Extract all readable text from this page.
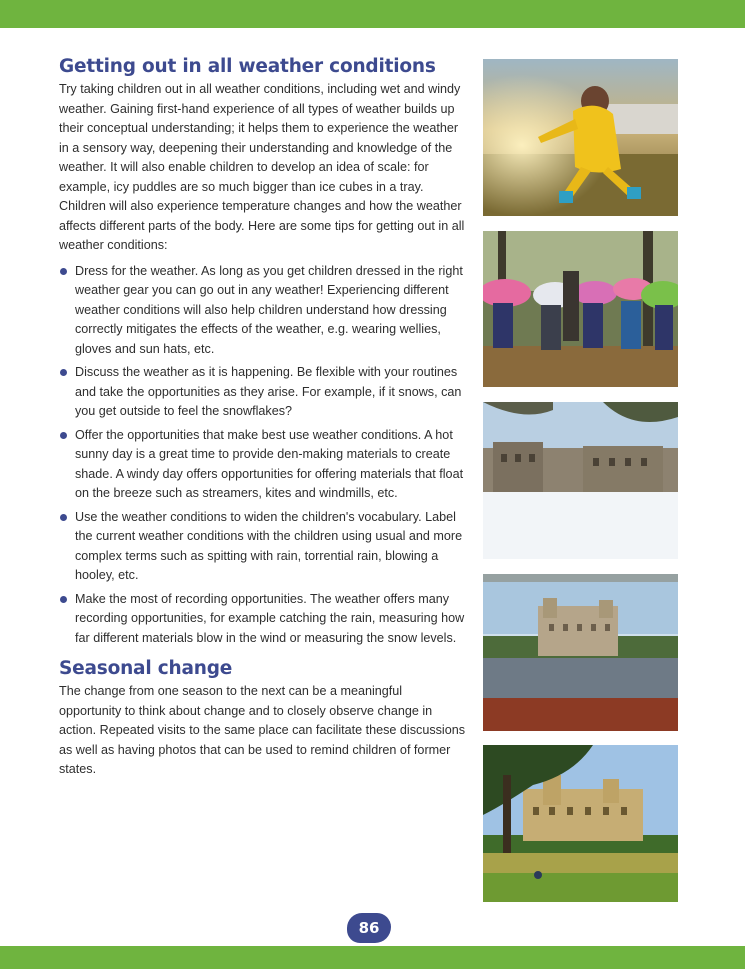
Getting out in all weather conditions

Try taking children out in all weather conditions, including wet and windy weather. Gaining first-hand experience of all types of weather builds up their conceptual understanding; it helps them to experience the weather in a sensory way, deepening their understanding and knowledge of the weather. It will also enable children to develop an idea of scale: for example, icy puddles are so much bigger than ice cubes in a tray. Children will also experience temperature changes and how the weather affects different parts of the body. Here are some tips for getting out in all weather conditions:

Dress for the weather. As long as you get children dressed in the right weather gear you can go out in any weather! Experiencing different weather conditions will also help children understand how dressing correctly mitigates the effects of the weather, e.g. wearing wellies, gloves and sun hats, etc.
Discuss the weather as it is happening. Be flexible with your routines and take the opportunities as they arise. For example, if it snows, can you get outside to feel the snowflakes?
Offer the opportunities that make best use weather conditions. A hot sunny day is a great time to provide den-making materials to create shade. A windy day offers opportunities for offering materials that float on the breeze such as streamers, kites and windmills, etc.
Use the weather conditions to widen the children's vocabulary. Label the current weather conditions with the children using usual and more complex terms such as spitting with rain, torrential rain, blowing a hooley, etc.
Make the most of recording opportunities. The weather offers many recording opportunities, for example catching the rain, measuring how far different materials blow in the wind or measuring the snow levels.
Seasonal change

The change from one season to the next can be a meaningful opportunity to think about change and to closely observe change in action. Repeated visits to the same place can facilitate these discussions as well as having photos that can be used to remind children of former states.

86
